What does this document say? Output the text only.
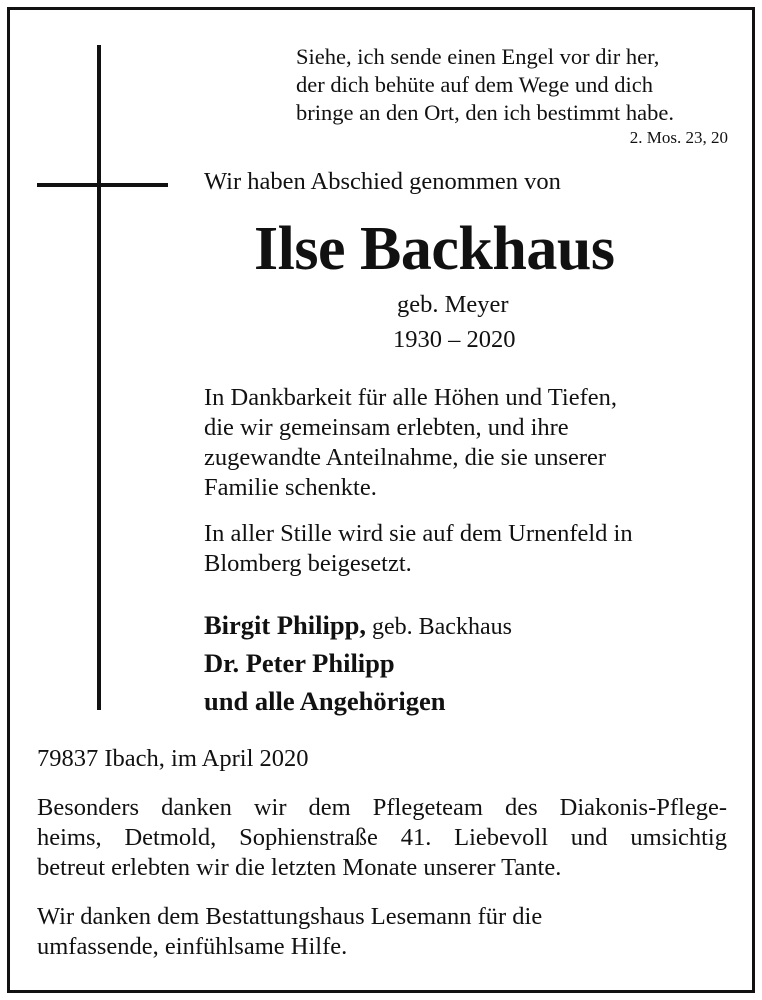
Siehe, ich sende einen Engel vor dir her,
der dich behüte auf dem Wege und dich
bringe an den Ort, den ich bestimmt habe.
2. Mos. 23, 20
Wir haben Abschied genommen von
Ilse Backhaus
geb. Meyer
1930 – 2020
In Dankbarkeit für alle Höhen und Tiefen,
die wir gemeinsam erlebten, und ihre
zugewandte Anteilnahme, die sie unserer
Familie schenkte.
In aller Stille wird sie auf dem Urnenfeld in
Blomberg beigesetzt.
Birgit Philipp, geb. Backhaus
Dr. Peter Philipp
und alle Angehörigen
79837 Ibach, im April 2020
Besonders danken wir dem Pflegeteam des Diakonis-Pflege-
heims, Detmold, Sophienstraße 41. Liebevoll und umsichtig
betreut erlebten wir die letzten Monate unserer Tante.
Wir danken dem Bestattungshaus Lesemann für die
umfassende, einfühlsame Hilfe.
